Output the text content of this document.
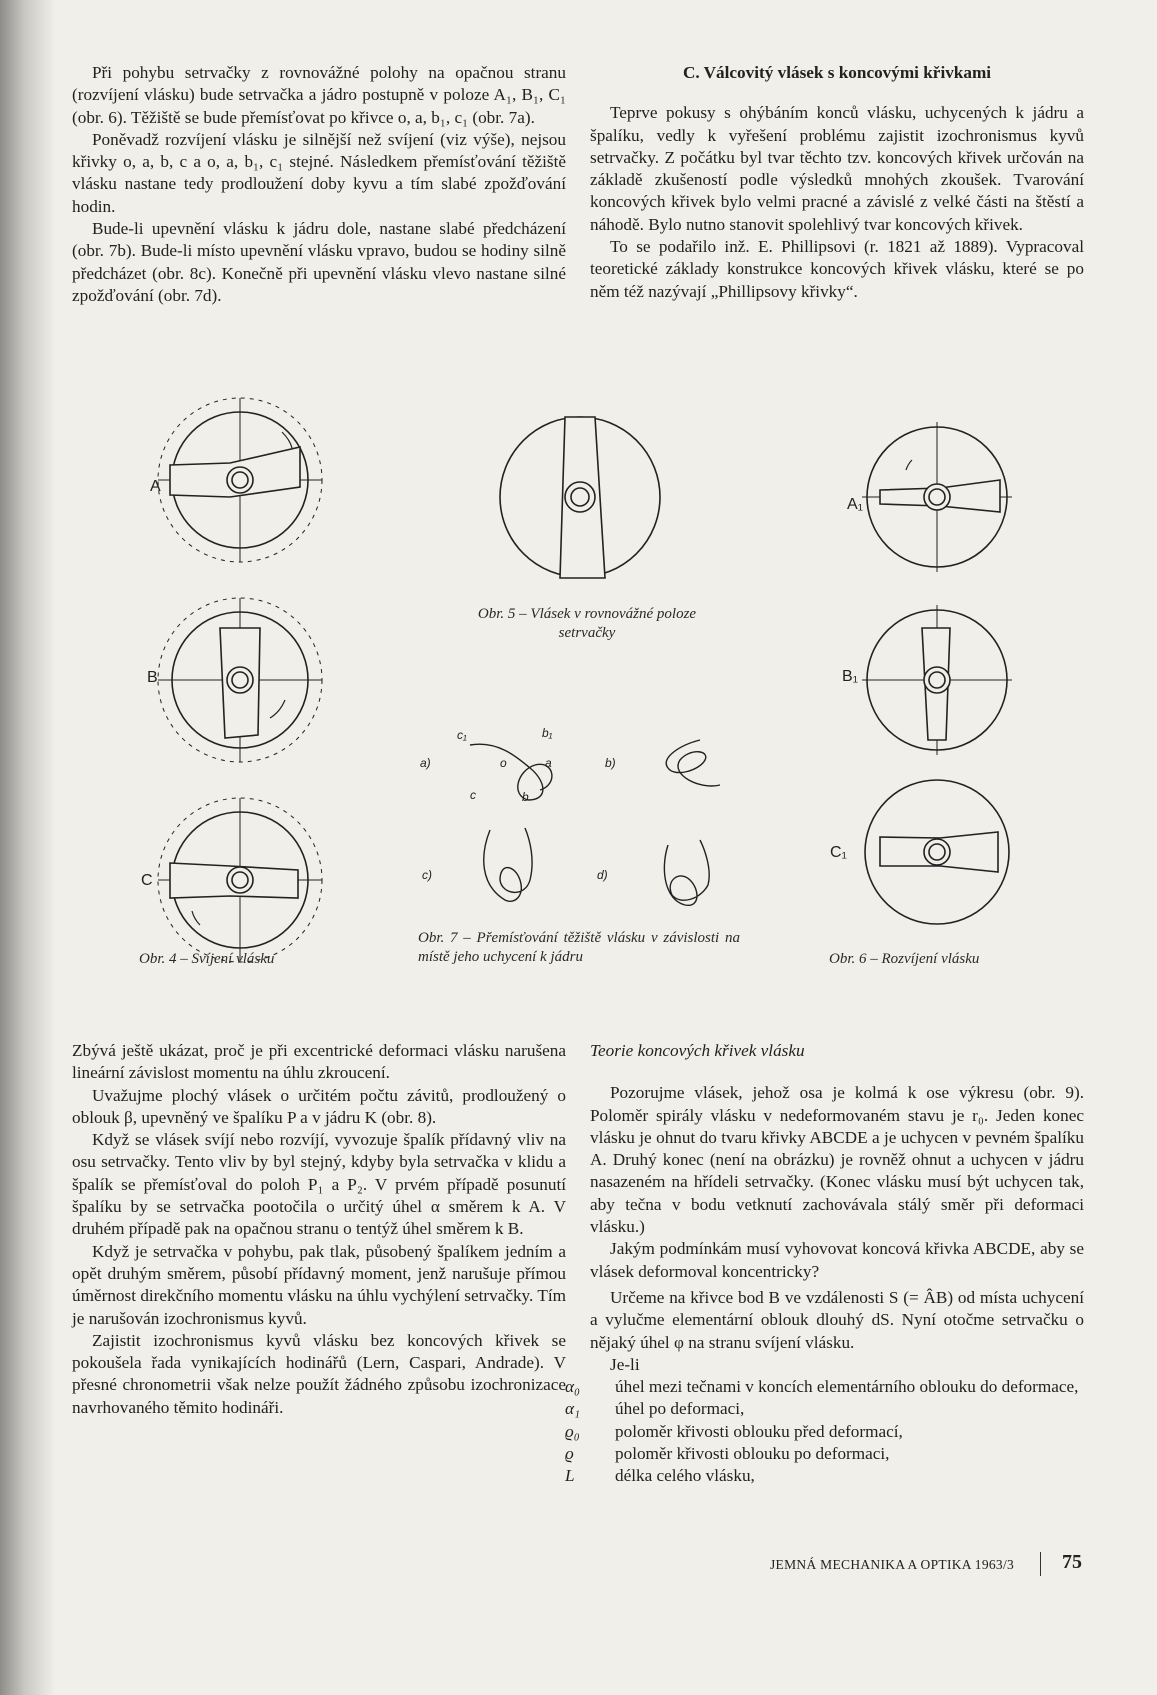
Při pohybu setrvačky z rovnovážné polohy na opačnou stranu (rozvíjení vlásku) bude setrvačka a jádro postupně v poloze A₁, B₁, C₁ (obr. 6). Těžiště se bude přemísťovat po křivce o, a, b₁, c₁ (obr. 7a).

Poněvadž rozvíjení vlásku je silnější než svíjení (viz výše), nejsou křivky o, a, b, c a o, a, b₁, c₁ stejné. Následkem přemísťování těžiště vlásku nastane tedy prodloužení doby kyvu a tím slabé zpožďování hodin.

Bude-li upevnění vlásku k jádru dole, nastane slabé předcházení (obr. 7b). Bude-li místo upevnění vlásku vpravo, budou se hodiny silně předcházet (obr. 8c). Konečně při upevnění vlásku vlevo nastane silné zpožďování (obr. 7d).

C. Válcovitý vlásek s koncovými křivkami

Teprve pokusy s ohýbáním konců vlásku, uchycených k jádru a špalíku, vedly k vyřešení problému zajistit izochronismus kyvů setrvačky. Z počátku byl tvar těchto tzv. koncových křivek určován na základě zkušeností podle výsledků mnohých zkoušek. Tvarování koncových křivek bylo velmi pracné a závislé z velké části na štěstí a náhodě. Bylo nutno stanovit spolehlivý tvar koncových křivek.

To se podařilo inž. E. Phillipsovi (r. 1821 až 1889). Vypracoval teoretické základy konstrukce koncových křivek vlásku, které se po něm též nazývají „Phillipsovy křivky“.

A
B
C
A₁
B₁
C₁
a)	b)
c)	d)
c₁	b₁
o	a
c	b
Obr. 4 – Svíjení vlásku
Obr. 5 – Vlásek v rovnovážné poloze setrvačky
Obr. 7 – Přemísťování těžiště vlásku v závislosti na místě jeho uchycení k jádru	Obr. 6 – Rozvíjení vlásku

Zbývá ještě ukázat, proč je při excentrické deformaci vlásku narušena lineární závislost momentu na úhlu zkroucení.

Uvažujme plochý vlásek o určitém počtu závitů, prodloužený o oblouk β, upevněný ve špalíku P a v jádru K (obr. 8).

Když se vlásek svíjí nebo rozvíjí, vyvozuje špalík přídavný vliv na osu setrvačky. Tento vliv by byl stejný, kdyby byla setrvačka v klidu a špalík se přemísťoval do poloh P₁ a P₂. V prvém případě posunutí špalíku by se setrvačka pootočila o určitý úhel α směrem k A. V druhém případě pak na opačnou stranu o tentýž úhel směrem k B.

Když je setrvačka v pohybu, pak tlak, působený špalíkem jedním a opět druhým směrem, působí přídavný moment, jenž narušuje přímou úměrnost direkčního momentu vlásku na úhlu vychýlení setrvačky. Tím je narušován izochronismus kyvů.

Zajistit izochronismus kyvů vlásku bez koncových křivek se pokoušela řada vynikajících hodinářů (Lern, Caspari, Andrade). V přesné chronometrii však nelze použít žádného způsobu izochronizace navrhovaného těmito hodináři.

Teorie koncových křivek vlásku

Pozorujme vlásek, jehož osa je kolmá k ose výkresu (obr. 9). Poloměr spirály vlásku v nedeformovaném stavu je r₀. Jeden konec vlásku je ohnut do tvaru křivky ABCDE a je uchycen v pevném špalíku A. Druhý konec (není na obrázku) je rovněž ohnut a uchycen v jádru nasazeném na hřídeli setrvačky. (Konec vlásku musí být uchycen tak, aby tečna v bodu vetknutí zachovávala stálý směr při deformaci vlásku.)

Jakým podmínkám musí vyhovovat koncová křivka ABCDE, aby se vlásek deformoval koncentricky?

Určeme na křivce bod B ve vzdálenosti S (= ÂB) od místa uchycení a vylučme elementární oblouk dlouhý dS. Nyní otočme setrvačku o nějaký úhel φ na stranu svíjení vlásku.

Je-li

α₀ úhel mezi tečnami v koncích elementárního oblouku do deformace,

α₁ úhel po deformaci,

ϱ₀ poloměr křivosti oblouku před deformací,

ϱ poloměr křivosti oblouku po deformaci,

L délka celého vlásku,

JEMNÁ MECHANIKA A OPTIKA 1963/3 75
